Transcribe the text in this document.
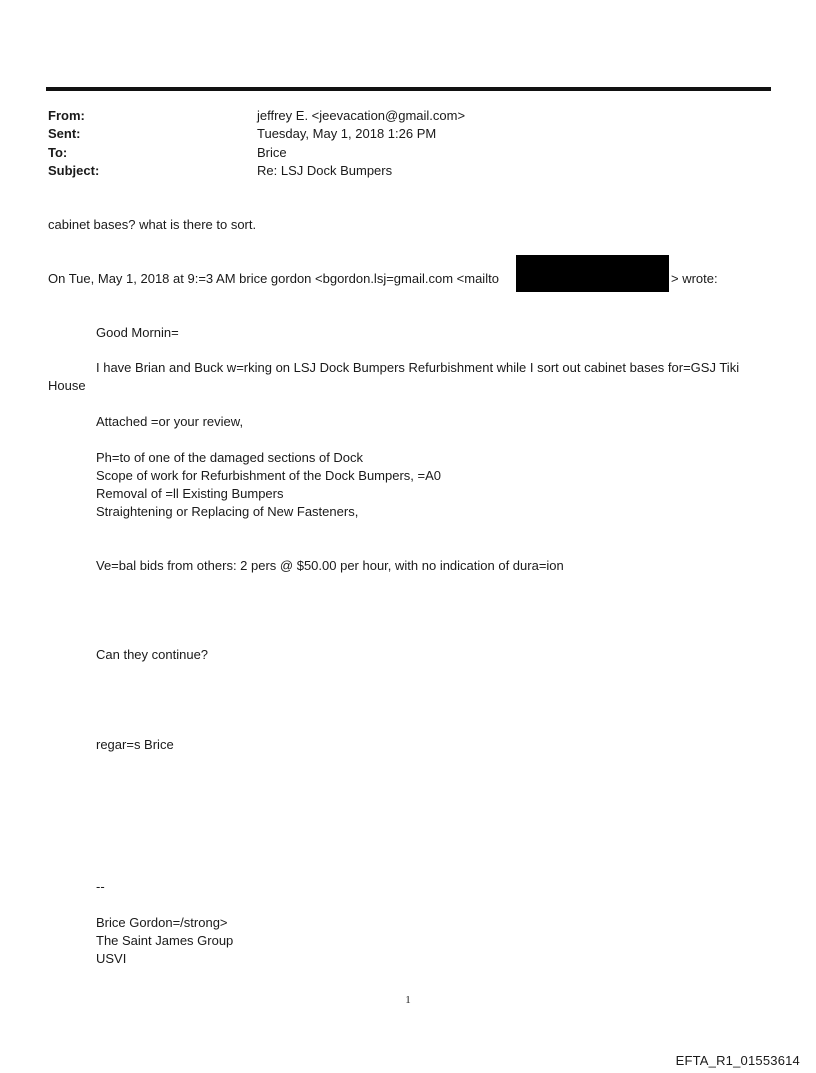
From:	jeffrey E. <jeevacation@gmail.com>
Sent:	Tuesday, May 1, 2018 1:26 PM
To:	Brice
Subject:	Re: LSJ Dock Bumpers
cabinet bases? what is there to sort.
On Tue, May 1, 2018 at 9:=3 AM brice gordon <bgordon.lsj=gmail.com <mailto	> wrote:
Good Mornin=
I have Brian and Buck w=rking on LSJ Dock Bumpers Refurbishment while I sort out cabinet bases for=GSJ Tiki
House
Attached =or your review,
Ph=to of one of the damaged sections of Dock
Scope of work for Refurbishment of the Dock Bumpers, =A0
Removal of =ll Existing Bumpers
Straightening or Replacing of New Fasteners,
Ve=bal bids from others: 2 pers @ $50.00 per hour, with no indication of dura=ion
Can they continue?
regar=s Brice
--
Brice Gordon=/strong>
The Saint James Group
USVI
1
EFTA_R1_01553614
